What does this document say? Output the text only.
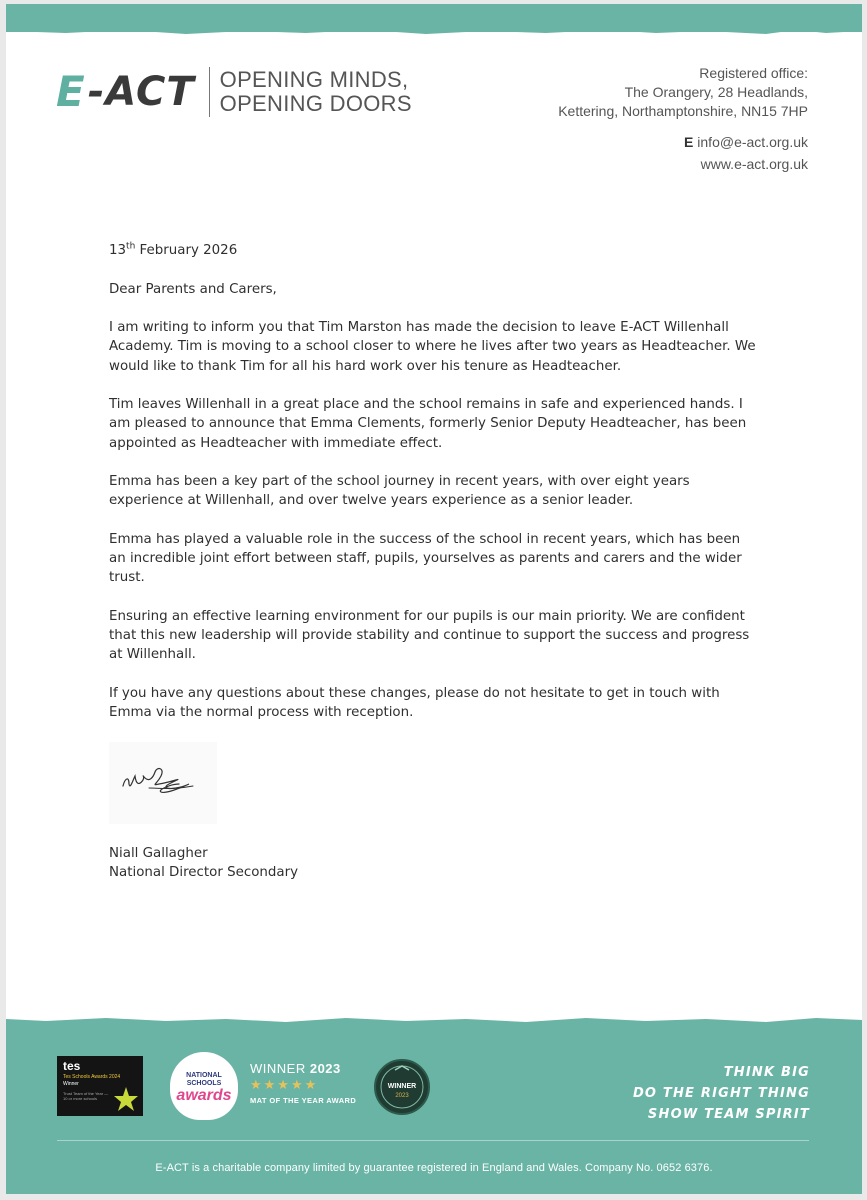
E -ACT OPENING MINDS,
OPENING DOORS
Registered office:
The Orangery, 28 Headlands,
Kettering, Northamptonshire, NN15 7HP
E info@e-act.org.uk
www.e-act.org.uk

13th February 2026

Dear Parents and Carers,

I am writing to inform you that Tim Marston has made the decision to leave E-ACT Willenhall Academy. Tim is moving to a school closer to where he lives after two years as Headteacher. We would like to thank Tim for all his hard work over his tenure as Headteacher.

Tim leaves Willenhall in a great place and the school remains in safe and experienced hands. I am pleased to announce that Emma Clements, formerly Senior Deputy Headteacher, has been appointed as Headteacher with immediate effect.

Emma has been a key part of the school journey in recent years, with over eight years experience at Willenhall, and over twelve years experience as a senior leader.

Emma has played a valuable role in the success of the school in recent years, which has been an incredible joint effort between staff, pupils, yourselves as parents and carers and the wider trust.

Ensuring an effective learning environment for our pupils is our main priority. We are confident that this new leadership will provide stability and continue to support the success and progress at Willenhall.

If you have any questions about these changes, please do not hesitate to get in touch with Emma via the normal process with reception.

Niall Gallagher
National Director Secondary
tes
Tes Schools Awards 2024
Winner
Trust Team of the Year — 10 or more schools
NATIONAL SCHOOLS
awards
WINNER 2023
★★★★★
MAT OF THE YEAR AWARD
WINNER
2023
THINK BIG
DO THE RIGHT THING
SHOW TEAM SPIRIT
E-ACT is a charitable company limited by guarantee registered in England and Wales. Company No. 0652 6376.
